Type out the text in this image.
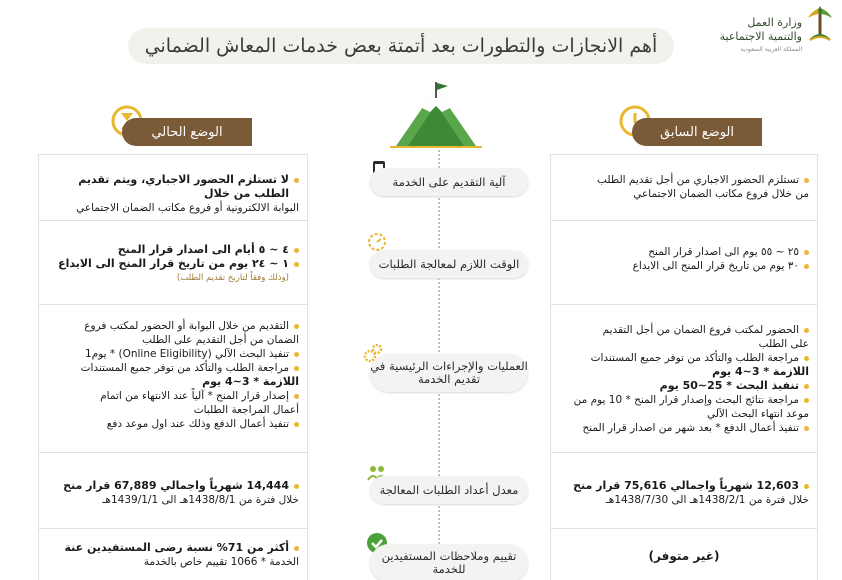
أهم الانجازات والتطورات بعد أتمتة بعض خدمات المعاش الضماني
وزارة العمل
والتنمية الاجتماعية
المملكة العربية السعودية
الوضع الحالي	الوضع السابق
آلية التقديم على الخدمة
الوقت اللازم لمعالجة الطلبات
العمليات والإجراءات الرئيسية في تقديم الخدمة
معدل أعداد الطلبات المعالجة
تقييم وملاحظات المستفيدين للخدمة

لا تستلزم الحضور الاجباري، ويتم تقديم الطلب من خلال

البوابة الالكترونية أو فروع مكاتب الضمان الاجتماعي

٤ ~ ٥ أيام الى اصدار قرار المنح

١ ~ ٢٤ يوم من تاريخ قرار المنح الى الايداع

(وذلك وفقاً لتاريخ تقديم الطلب)

التقديم من خلال البوابة أو الحضور لمكتب فروع

الضمان من أجل التقديم على الطلب

تنفيذ البحث الآلي (Online Eligibility) * يوم1

مراجعة الطلب والتأكد من توفر جميع المستندات

اللازمة * 3~4 يوم

إصدار قرار المنح * آلياً عند الانتهاء من اتمام

أعمال المراجعة الطلبات

تنفيذ أعمال الدفع وذلك عند اول موعد دفع

14,444 شهرياً واجمالي 67,889 قرار منح

خلال فترة من 1438/8/1هـ الى 1439/1/1هـ

أكثر من 71% نسبة رضى المستفيدين عنة

الخدمة * 1066 تقييم خاص بالخدمة

تستلزم الحضور الاجباري من أجل تقديم الطلب

من خلال فروع مكاتب الضمان الاجتماعي

٢٥ ~ ٥٥ يوم الى اصدار قرار المنح

٣٠ يوم من تاريخ قرار المنح الى الايداع

الحضور لمكتب فروع الضمان من أجل التقديم

على الطلب

مراجعة الطلب والتأكد من توفر جميع المستندات

اللازمة * 3~4 يوم

تنفيذ البحث * 25~50 يوم

مراجعة نتائج البحث وإصدار قرار المنح * 10 يوم من

موعد انتهاء البحث الآلي

تنفيذ أعمال الدفع * بعد شهر من اصدار قرار المنح

12,603 شهرياً واجمالي 75,616 قرار منح

خلال فترة من 1438/2/1هـ الى 1438/7/30هـ

(غير متوفر)
